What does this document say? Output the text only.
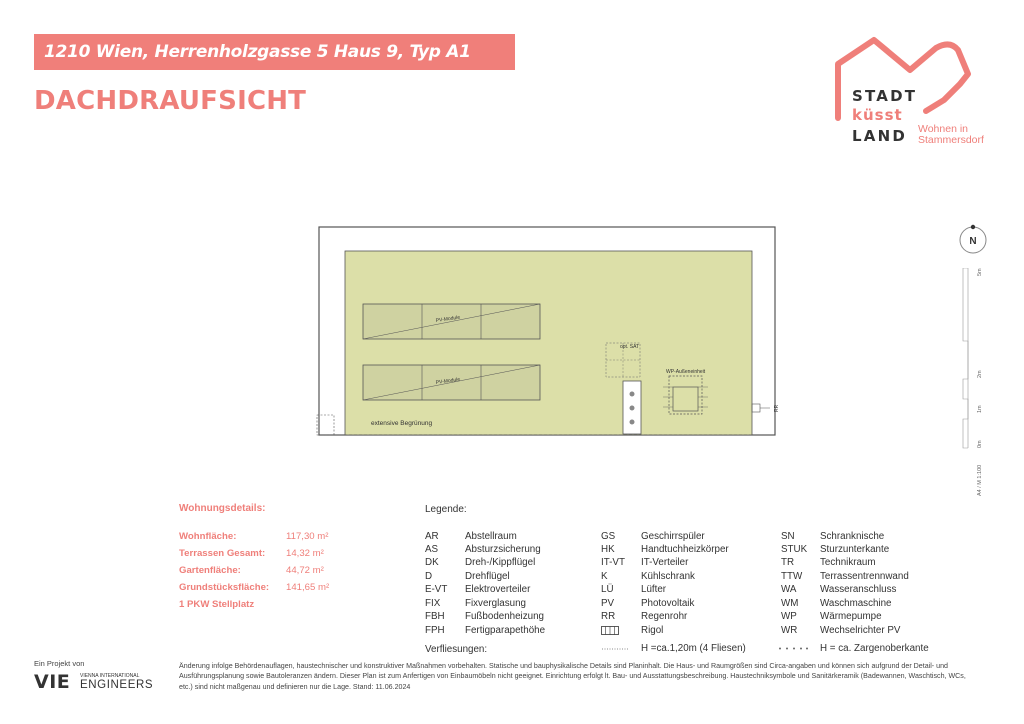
1210 Wien, Herrenholzgasse 5 Haus 9, Typ A1
DACHDRAUFSICHT	STADT
küsst
LAND Wohnen in
Stammersdorf
PV-Module
PV-Module
opt. SAT
WP-Außeneinheit
RR
extensive Begrünung
N
5m
2m
1m
0m
A4 / M 1:100
Wohnungsdetails:
Wohnfläche:	117,30 m²
Terrassen Gesamt: 14,32 m²
Gartenfläche:	44,72 m²
Grundstücksfläche: 141,65 m²
1 PKW Stellplatz
Legende:
AR	Abstellraum
AS	Absturzsicherung
DK	Dreh-/Kippflügel
D	Drehflügel
E-VT Elektroverteiler
FIX	Fixverglasung
FBH Fußbodenheizung
FPH Fertigparapethöhe
GS	Geschirrspüler
HK	Handtuchheizkörper
IT-VT IT-Verteiler
K	Kühlschrank
LÜ	Lüfter
PV	Photovoltaik
RR	Regenrohr
Rigol
SN	Schranknische
STUK Sturzunterkante
TR	Technikraum
TTW Terrassentrennwand
WA Wasseranschluss
WM Waschmaschine
WP Wärmepumpe
WR Wechselrichter PV
Verfliesungen:	H =ca.1,20m (4 Fliesen)	H = ca. Zargenoberkante
Ein Projekt von
VIE VIENNA INTERNATIONAL
ENGINEERS
Änderung infolge Behördenauflagen, haustechnischer und konstruktiver Maßnahmen vorbehalten. Statische und bauphysikalische Details sind Planinhalt. Die Haus- und Raumgrößen sind Circa-angaben und können sich aufgrund der Detail- und Ausführungsplanung sowie Bautoleranzen ändern. Dieser Plan ist zum Anfertigen von Einbaumöbeln nicht geeignet. Einrichtung erfolgt lt. Bau- und Ausstattungsbeschreibung. Haustechniksymbole und Sanitärkeramik (Badewannen, Waschtisch, WCs, etc.) sind nicht maßgenau und definieren nur die Lage. Stand: 11.06.2024
